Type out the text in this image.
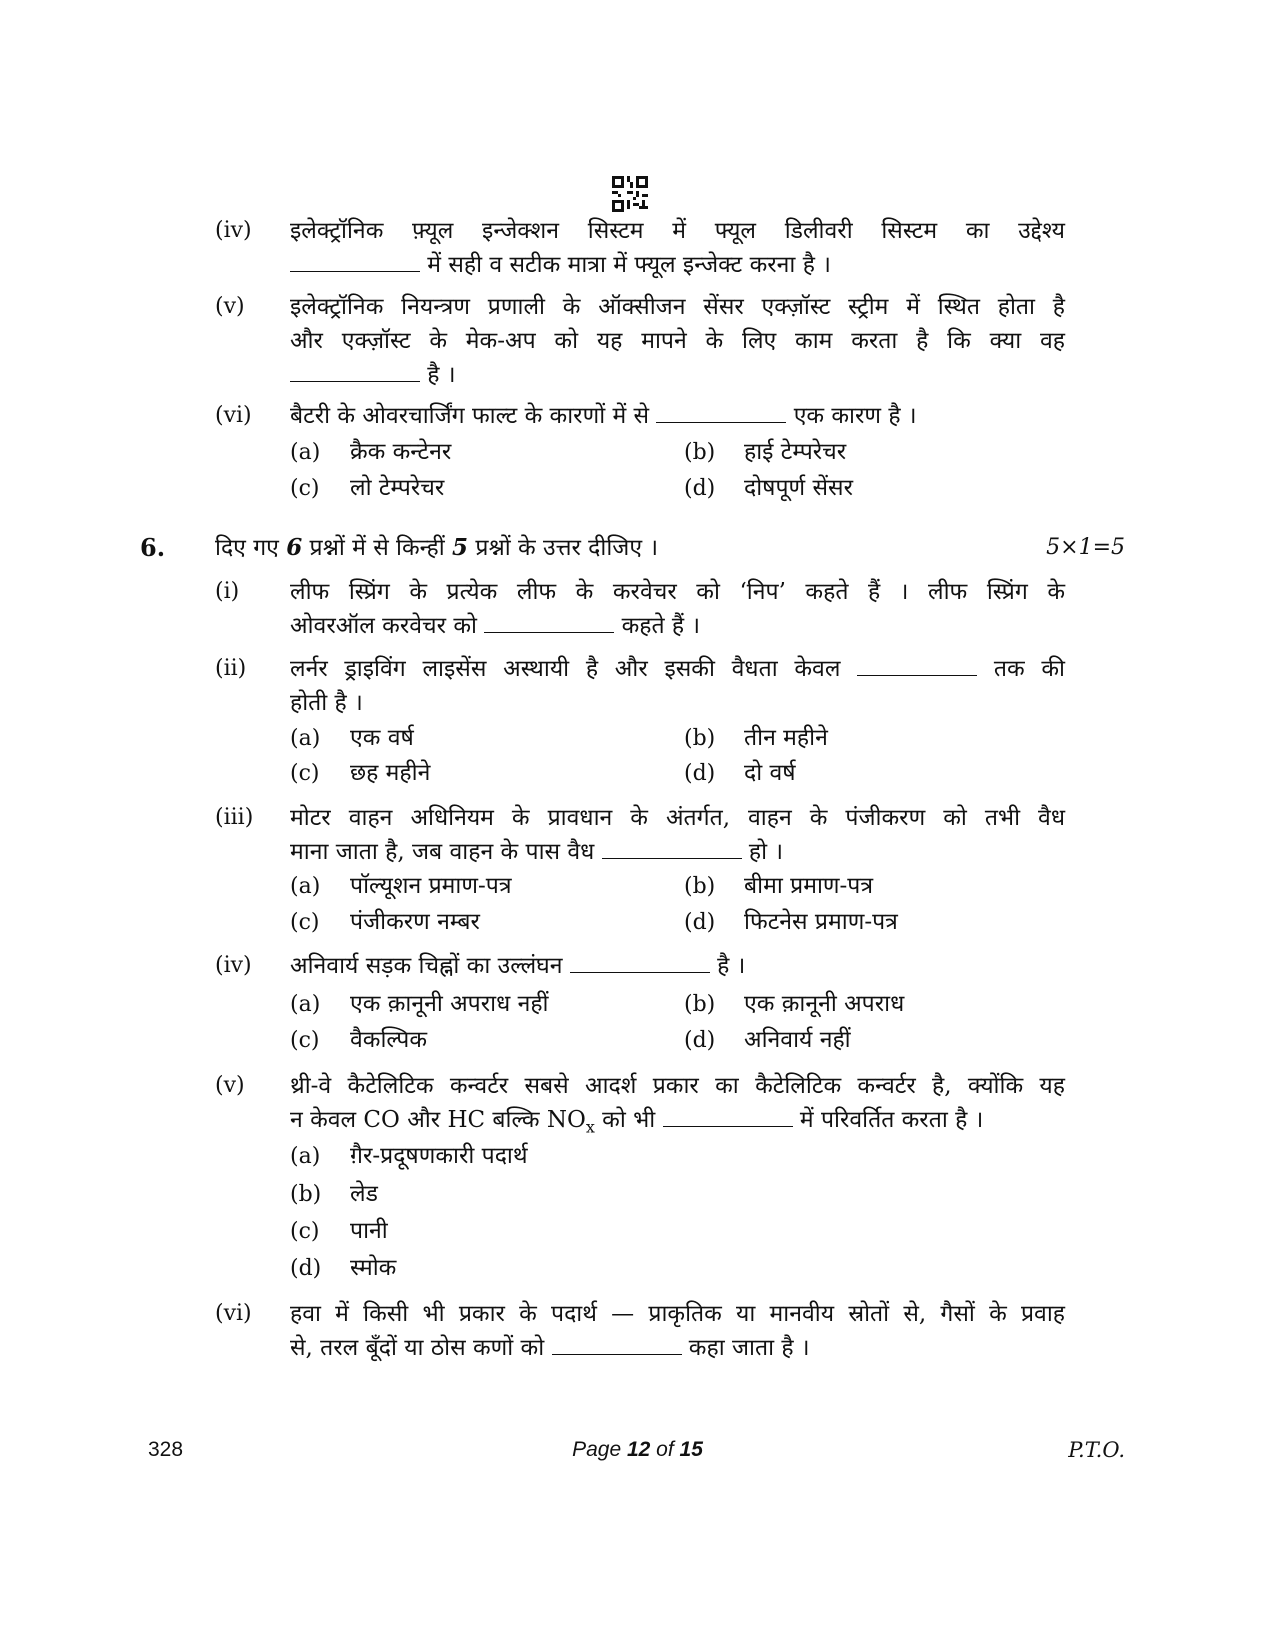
(iv)	इलेक्ट्रॉनिक फ़्यूल इन्जेक्शन सिस्टम में फ्यूल डिलीवरी सिस्टम का उद्देश्य

में सही व सटीक मात्रा में फ्यूल इन्जेक्ट करना है ।

(v)	इलेक्ट्रॉनिक नियन्त्रण प्रणाली के ऑक्सीजन सेंसर एक्ज़ॉस्ट स्ट्रीम में स्थित होता है

और एक्ज़ॉस्ट के मेक-अप को यह मापने के लिए काम करता है कि क्या वह

है ।

(vi)	बैटरी के ओवरचार्जिंग फाल्ट के कारणों में से	एक कारण है ।

(a) क्रैक कन्टेनर	(b) हाई टेम्परेचर
(c) लो टेम्परेचर	(d) दोषपूर्ण सेंसर
6. दिए गए 6 प्रश्नों में से किन्हीं 5 प्रश्नों के उत्तर दीजिए ।	5×1=5
(i)	लीफ स्प्रिंग के प्रत्येक लीफ के करवेचर को ‘निप’ कहते हैं । लीफ स्प्रिंग के

ओवरऑल करवेचर को	कहते हैं ।

(ii)	लर्नर ड्राइविंग लाइसेंस अस्थायी है और इसकी वैधता केवल	तक की

होती है ।

(a) एक वर्ष	(b) तीन महीने
(c) छह महीने	(d) दो वर्ष
(iii)	मोटर वाहन अधिनियम के प्रावधान के अंतर्गत, वाहन के पंजीकरण को तभी वैध

माना जाता है, जब वाहन के पास वैध	हो ।

(a) पॉल्यूशन प्रमाण-पत्र	(b) बीमा प्रमाण-पत्र
(c) पंजीकरण नम्बर	(d) फिटनेस प्रमाण-पत्र
(iv)	अनिवार्य सड़क चिह्नों का उल्लंघन	है ।

(a) एक क़ानूनी अपराध नहीं	(b) एक क़ानूनी अपराध
(c) वैकल्पिक	(d) अनिवार्य नहीं
(v)	थ्री-वे कैटेलिटिक कन्वर्टर सबसे आदर्श प्रकार का कैटेलिटिक कन्वर्टर है, क्योंकि यह

न केवल CO और HC बल्कि $NO_x$ को भी	में परिवर्तित करता है ।

(a) ग़ैर-प्रदूषणकारी पदार्थ
(b) लेड
(c) पानी
(d) स्मोक
(vi)	हवा में किसी भी प्रकार के पदार्थ — प्राकृतिक या मानवीय स्रोतों से, गैसों के प्रवाह

से, तरल बूँदों या ठोस कणों को	कहा जाता है ।

328	Page 12 of 15	P.T.O.
